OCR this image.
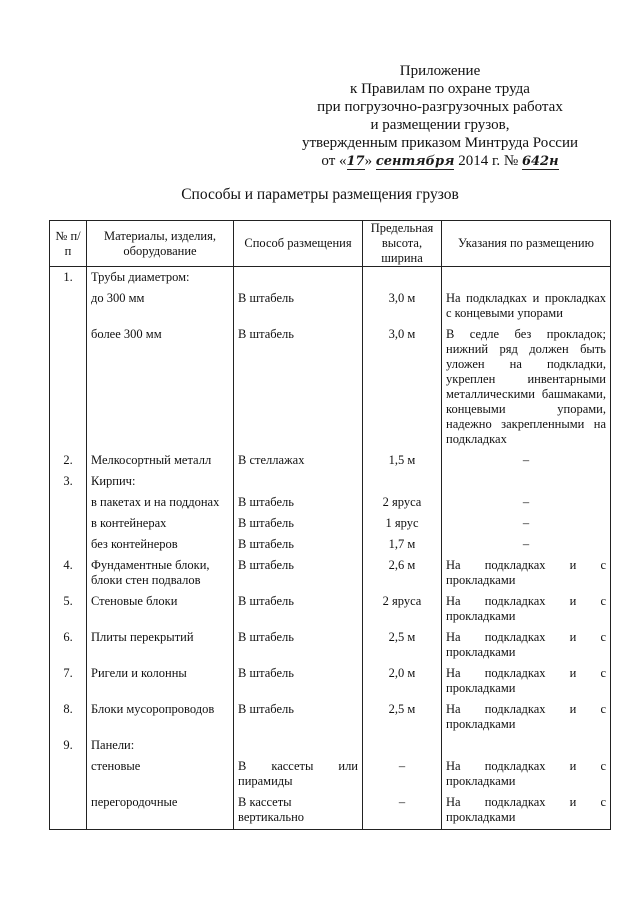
Приложение
к Правилам по охране труда
при погрузочно-разгрузочных работах
и размещении грузов,
утвержденным приказом Минтруда России
от «17» сентября 2014 г. № 642н
Способы и параметры размещения грузов
№ п/п	Материалы, изделия, оборудование	Способ размещения	Предельная высота, ширина	Указания по размещению
1.	Трубы диаметром:			
	до 300 мм	В штабель	3,0 м	На подкладках и прокладках с концевыми упорами
	более 300 мм	В штабель	3,0 м	В седле без прокладок; нижний ряд должен быть уложен на подкладки, укреплен инвентарными металлическими башмаками, концевыми упорами, надежно закрепленными на подкладках
2.	Мелкосортный металл	В стеллажах	1,5 м	–
3.	Кирпич:			
	в пакетах и на поддонах	В штабель	2 яруса	–
	в контейнерах	В штабель	1 ярус	–
	без контейнеров	В штабель	1,7 м	–
4.	Фундаментные блоки, блоки стен подвалов	В штабель	2,6 м	На подкладках и с прокладками
5.	Стеновые блоки	В штабель	2 яруса	На подкладках и с прокладками
6.	Плиты перекрытий	В штабель	2,5 м	На подкладках и с прокладками
7.	Ригели и колонны	В штабель	2,0 м	На подкладках и с прокладками
8.	Блоки мусоропроводов	В штабель	2,5 м	На подкладках и с прокладками
9.	Панели:			
	стеновые	В кассеты или пирамиды	–	На подкладках и с прокладками
	перегородочные	В кассеты вертикально	–	На подкладках и с прокладками
